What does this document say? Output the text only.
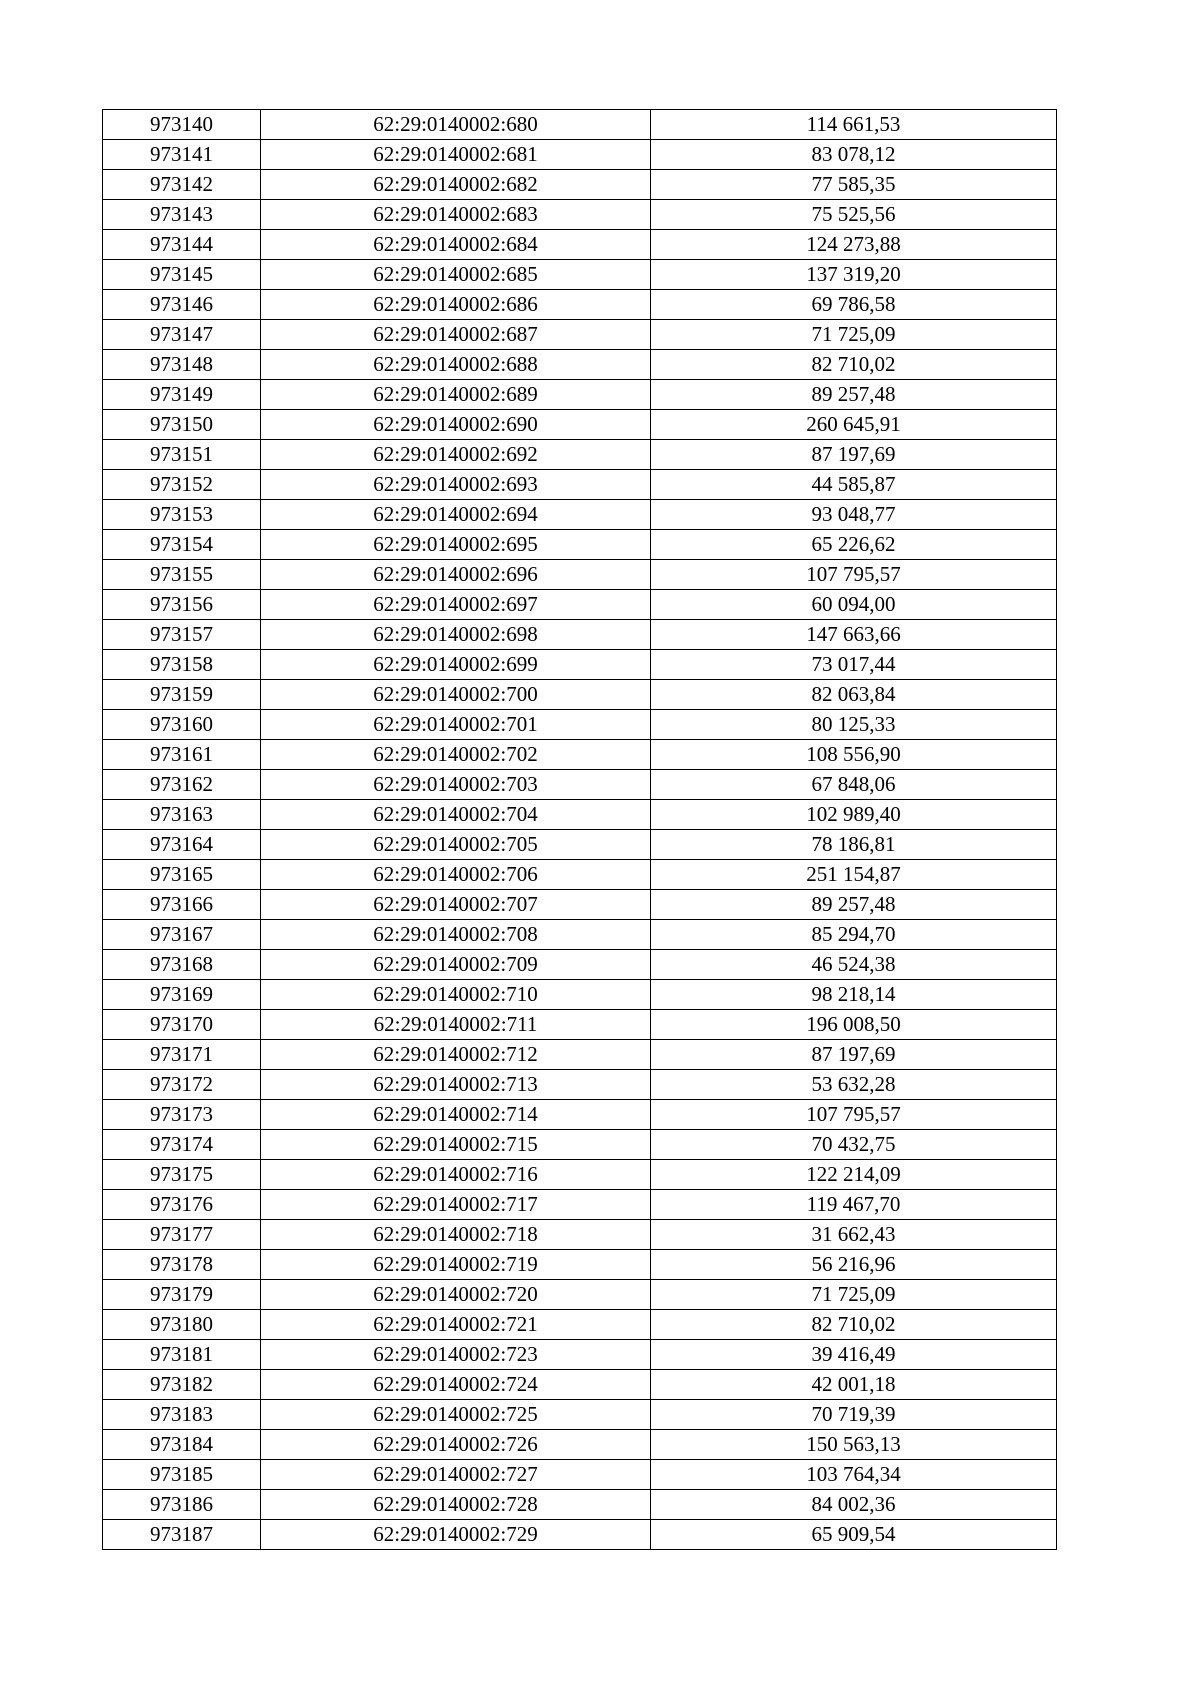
973140	62:29:0140002:680	114 661,53
973141	62:29:0140002:681	83 078,12
973142	62:29:0140002:682	77 585,35
973143	62:29:0140002:683	75 525,56
973144	62:29:0140002:684	124 273,88
973145	62:29:0140002:685	137 319,20
973146	62:29:0140002:686	69 786,58
973147	62:29:0140002:687	71 725,09
973148	62:29:0140002:688	82 710,02
973149	62:29:0140002:689	89 257,48
973150	62:29:0140002:690	260 645,91
973151	62:29:0140002:692	87 197,69
973152	62:29:0140002:693	44 585,87
973153	62:29:0140002:694	93 048,77
973154	62:29:0140002:695	65 226,62
973155	62:29:0140002:696	107 795,57
973156	62:29:0140002:697	60 094,00
973157	62:29:0140002:698	147 663,66
973158	62:29:0140002:699	73 017,44
973159	62:29:0140002:700	82 063,84
973160	62:29:0140002:701	80 125,33
973161	62:29:0140002:702	108 556,90
973162	62:29:0140002:703	67 848,06
973163	62:29:0140002:704	102 989,40
973164	62:29:0140002:705	78 186,81
973165	62:29:0140002:706	251 154,87
973166	62:29:0140002:707	89 257,48
973167	62:29:0140002:708	85 294,70
973168	62:29:0140002:709	46 524,38
973169	62:29:0140002:710	98 218,14
973170	62:29:0140002:711	196 008,50
973171	62:29:0140002:712	87 197,69
973172	62:29:0140002:713	53 632,28
973173	62:29:0140002:714	107 795,57
973174	62:29:0140002:715	70 432,75
973175	62:29:0140002:716	122 214,09
973176	62:29:0140002:717	119 467,70
973177	62:29:0140002:718	31 662,43
973178	62:29:0140002:719	56 216,96
973179	62:29:0140002:720	71 725,09
973180	62:29:0140002:721	82 710,02
973181	62:29:0140002:723	39 416,49
973182	62:29:0140002:724	42 001,18
973183	62:29:0140002:725	70 719,39
973184	62:29:0140002:726	150 563,13
973185	62:29:0140002:727	103 764,34
973186	62:29:0140002:728	84 002,36
973187	62:29:0140002:729	65 909,54
